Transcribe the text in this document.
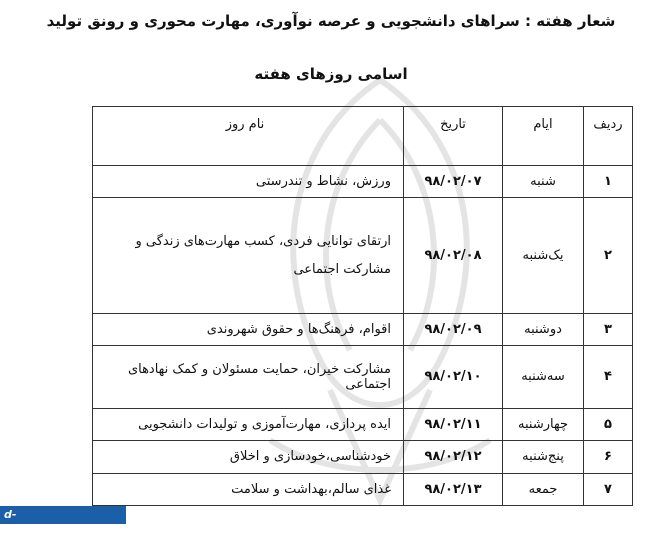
شعار هفته : سراهای دانشجویی و عرصه نوآوری، مهارت محوری و رونق تولید
اسامی روزهای هفته
ردیف	ایام	تاریخ	نام روز
۱	شنبه	۹۸/۰۲/۰۷	ورزش، نشاط و تندرستی
۲	یک‌شنبه	۹۸/۰۲/۰۸	ارتقای توانایی فردی، کسب مهارت‌های زندگی و مشارکت اجتماعی
۳	دوشنبه	۹۸/۰۲/۰۹	اقوام، فرهنگ‌ها و حقوق شهروندی
۴	سه‌شنبه	۹۸/۰۲/۱۰	مشارکت خیران، حمایت مسئولان و کمک نهادهای اجتماعی
۵	چهارشنبه	۹۸/۰۲/۱۱	ایده پردازی، مهارت‌آموزی و تولیدات دانشجویی
۶	پنج‌شنبه	۹۸/۰۲/۱۲	خودشناسی،خودسازی و اخلاق
۷	جمعه	۹۸/۰۲/۱۳	غذای سالم،بهداشت و سلامت
d-shahrood.nus.ac.ir
